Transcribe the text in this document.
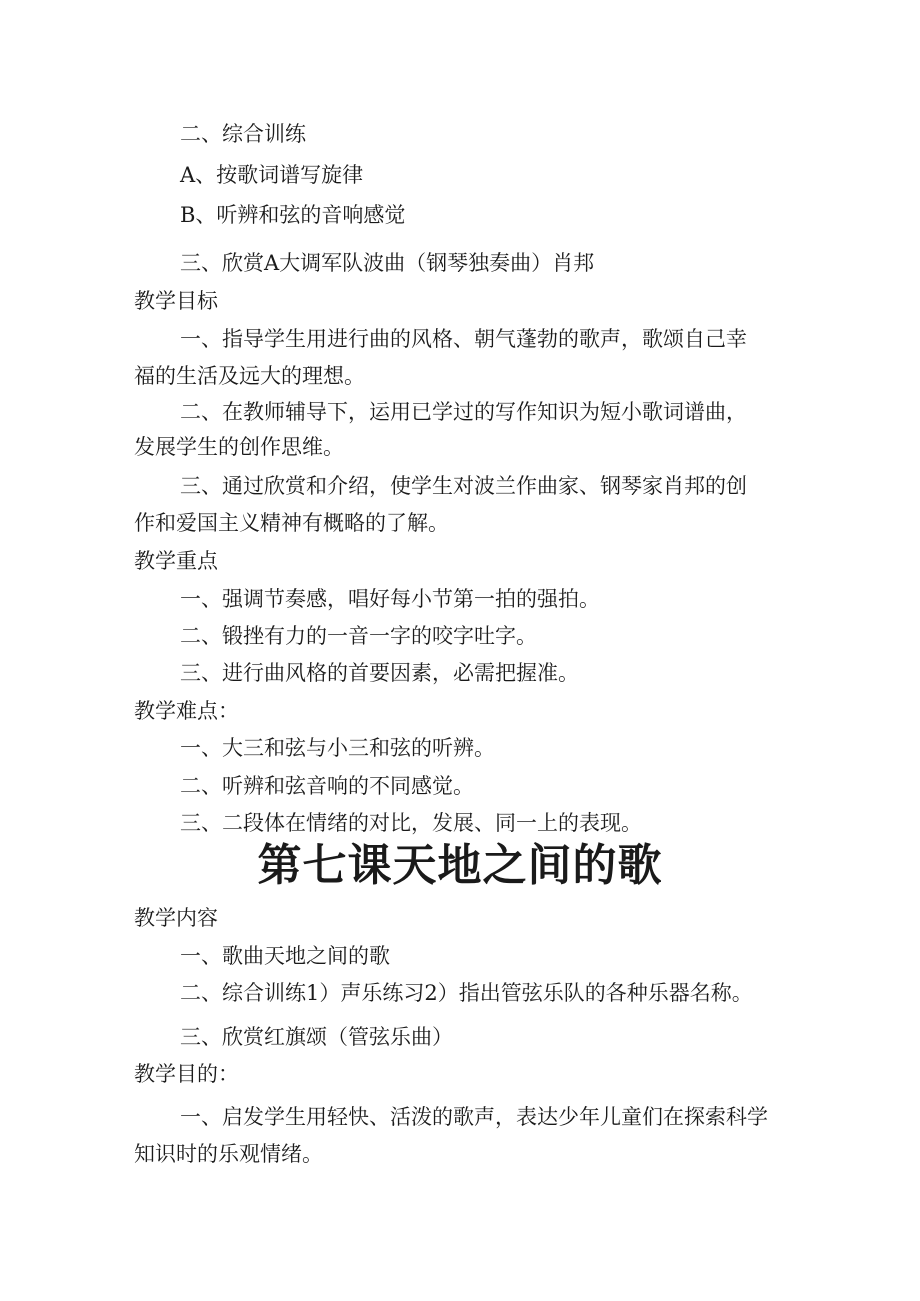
二、综合训练

A、按歌词谱写旋律

B、听辨和弦的音响感觉

三、欣赏A大调军队波曲（钢琴独奏曲）肖邦

教学目标

一、指导学生用进行曲的风格、朝气蓬勃的歌声，歌颂自己幸

福的生活及远大的理想。

二、在教师辅导下，运用已学过的写作知识为短小歌词谱曲，

发展学生的创作思维。

三、通过欣赏和介绍，使学生对波兰作曲家、钢琴家肖邦的创

作和爱国主义精神有概略的了解。

教学重点

一、强调节奏感，唱好每小节第一拍的强拍。

二、锻挫有力的一音一字的咬字吐字。

三、进行曲风格的首要因素，必需把握准。

教学难点：

一、大三和弦与小三和弦的听辨。

二、听辨和弦音响的不同感觉。

三、二段体在情绪的对比，发展、同一上的表现。

第七课天地之间的歌

教学内容

一、歌曲天地之间的歌

二、综合训练1）声乐练习2）指出管弦乐队的各种乐器名称。

三、欣赏红旗颂（管弦乐曲）

教学目的：

一、启发学生用轻快、活泼的歌声，表达少年儿童们在探索科学

知识时的乐观情绪。
